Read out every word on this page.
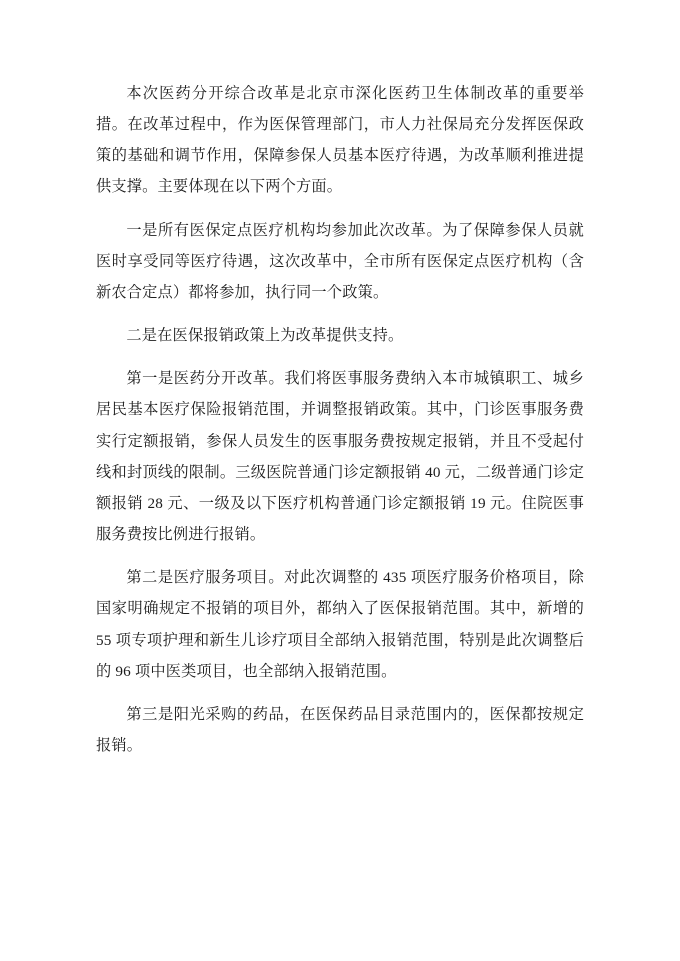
本次医药分开综合改革是北京市深化医药卫生体制改革的重要举措。在改革过程中，作为医保管理部门，市人力社保局充分发挥医保政策的基础和调节作用，保障参保人员基本医疗待遇，为改革顺利推进提供支撑。主要体现在以下两个方面。

一是所有医保定点医疗机构均参加此次改革。为了保障参保人员就医时享受同等医疗待遇，这次改革中，全市所有医保定点医疗机构（含新农合定点）都将参加，执行同一个政策。

二是在医保报销政策上为改革提供支持。

第一是医药分开改革。我们将医事服务费纳入本市城镇职工、城乡居民基本医疗保险报销范围，并调整报销政策。其中，门诊医事服务费实行定额报销，参保人员发生的医事服务费按规定报销，并且不受起付线和封顶线的限制。三级医院普通门诊定额报销 40 元，二级普通门诊定额报销 28 元、一级及以下医疗机构普通门诊定额报销 19 元。住院医事服务费按比例进行报销。

第二是医疗服务项目。对此次调整的 435 项医疗服务价格项目，除国家明确规定不报销的项目外，都纳入了医保报销范围。其中，新增的 55 项专项护理和新生儿诊疗项目全部纳入报销范围，特别是此次调整后的 96 项中医类项目，也全部纳入报销范围。

第三是阳光采购的药品，在医保药品目录范围内的，医保都按规定报销。
